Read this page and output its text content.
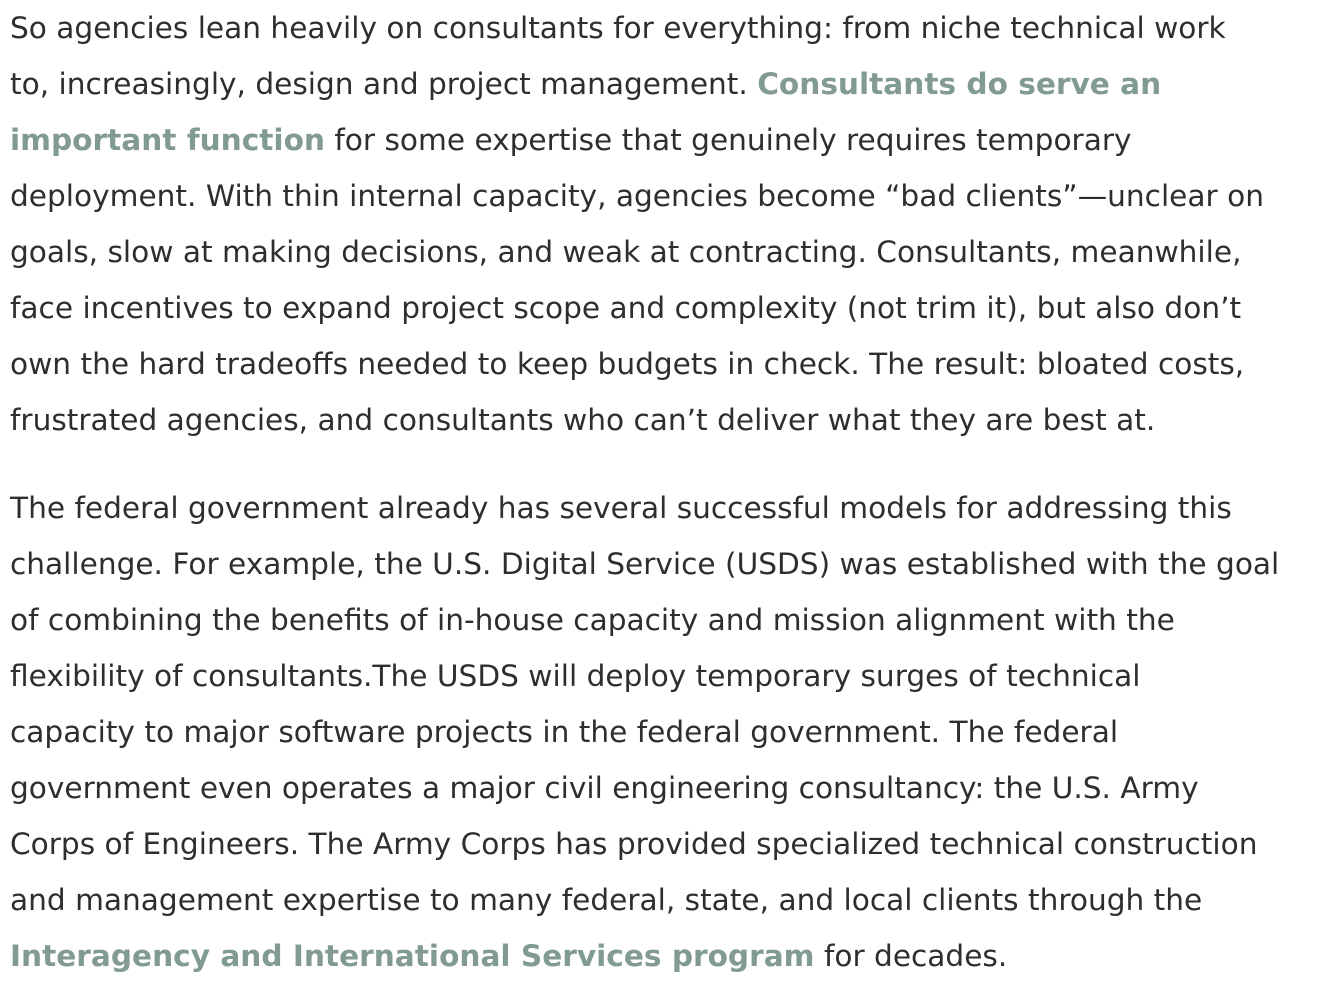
So agencies lean heavily on consultants for everything: from niche technical work
to, increasingly, design and project management. Consultants do serve an
important function for some expertise that genuinely requires temporary
deployment. With thin internal capacity, agencies become “bad clients”—unclear on
goals, slow at making decisions, and weak at contracting. Consultants, meanwhile,
face incentives to expand project scope and complexity (not trim it), but also don’t
own the hard tradeoffs needed to keep budgets in check. The result: bloated costs,
frustrated agencies, and consultants who can’t deliver what they are best at.

The federal government already has several successful models for addressing this
challenge. For example, the U.S. Digital Service (USDS) was established with the goal
of combining the benefits of in-house capacity and mission alignment with the
flexibility of consultants.The USDS will deploy temporary surges of technical
capacity to major software projects in the federal government. The federal
government even operates a major civil engineering consultancy: the U.S. Army
Corps of Engineers. The Army Corps has provided specialized technical construction
and management expertise to many federal, state, and local clients through the
Interagency and International Services program for decades.
